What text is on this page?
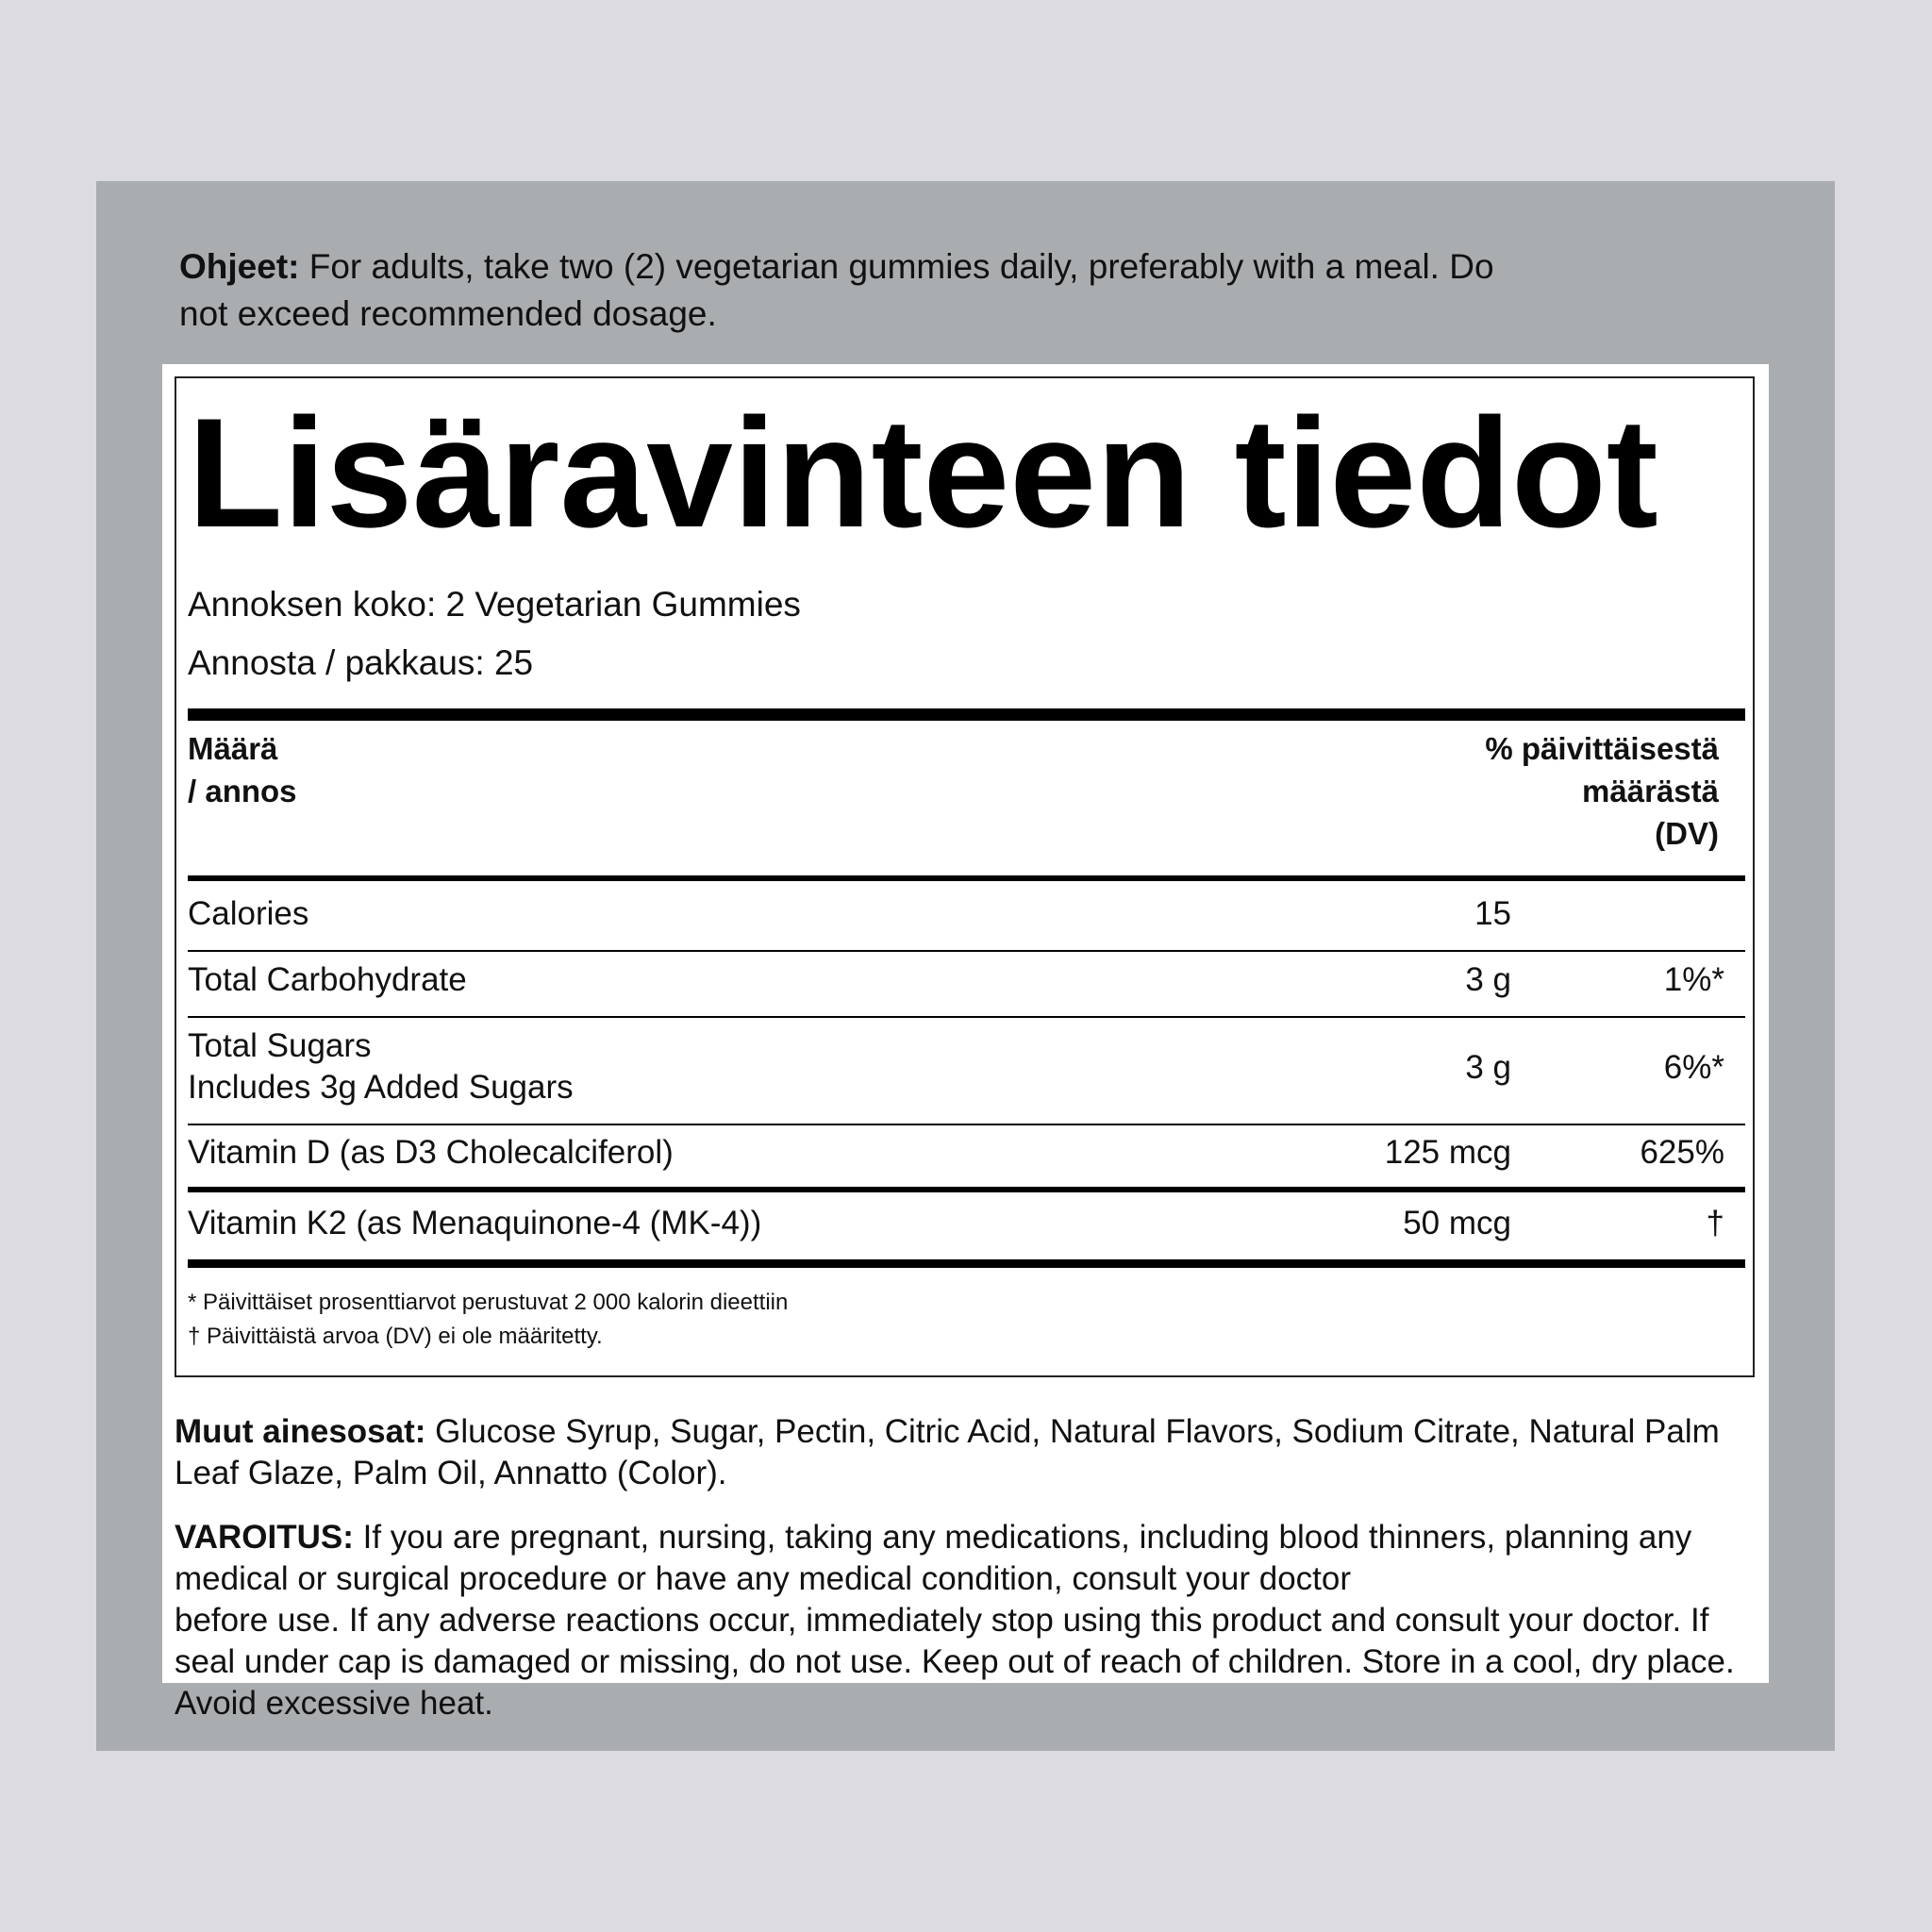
Ohjeet: For adults, take two (2) vegetarian gummies daily, preferably with a meal. Do not exceed recommended dosage.
Lisäravinteen tiedot
Annoksen koko: 2 Vegetarian Gummies
Annosta / pakkaus: 25
Määrä
/ annos
% päivittäisestä
määrästä
(DV)
Calories	15
Total Carbohydrate	3 g	1%*
Total Sugars
Includes 3g Added Sugars
3 g	6%*
Vitamin D (as D3 Cholecalciferol)	125 mcg	625%
Vitamin K2 (as Menaquinone-4 (MK-4))	50 mcg	†
* Päivittäiset prosenttiarvot perustuvat 2 000 kalorin dieettiin
† Päivittäistä arvoa (DV) ei ole määritetty.
Muut ainesosat: Glucose Syrup, Sugar, Pectin, Citric Acid, Natural Flavors, Sodium Citrate, Natural Palm Leaf Glaze, Palm Oil, Annatto (Color).
VAROITUS: If you are pregnant, nursing, taking any medications, including blood thinners, planning any medical or surgical procedure or have any medical condition, consult your doctor
before use. If any adverse reactions occur, immediately stop using this product and consult your doctor. If seal under cap is damaged or missing, do not use. Keep out of reach of children. Store in a cool, dry place. Avoid excessive heat.
